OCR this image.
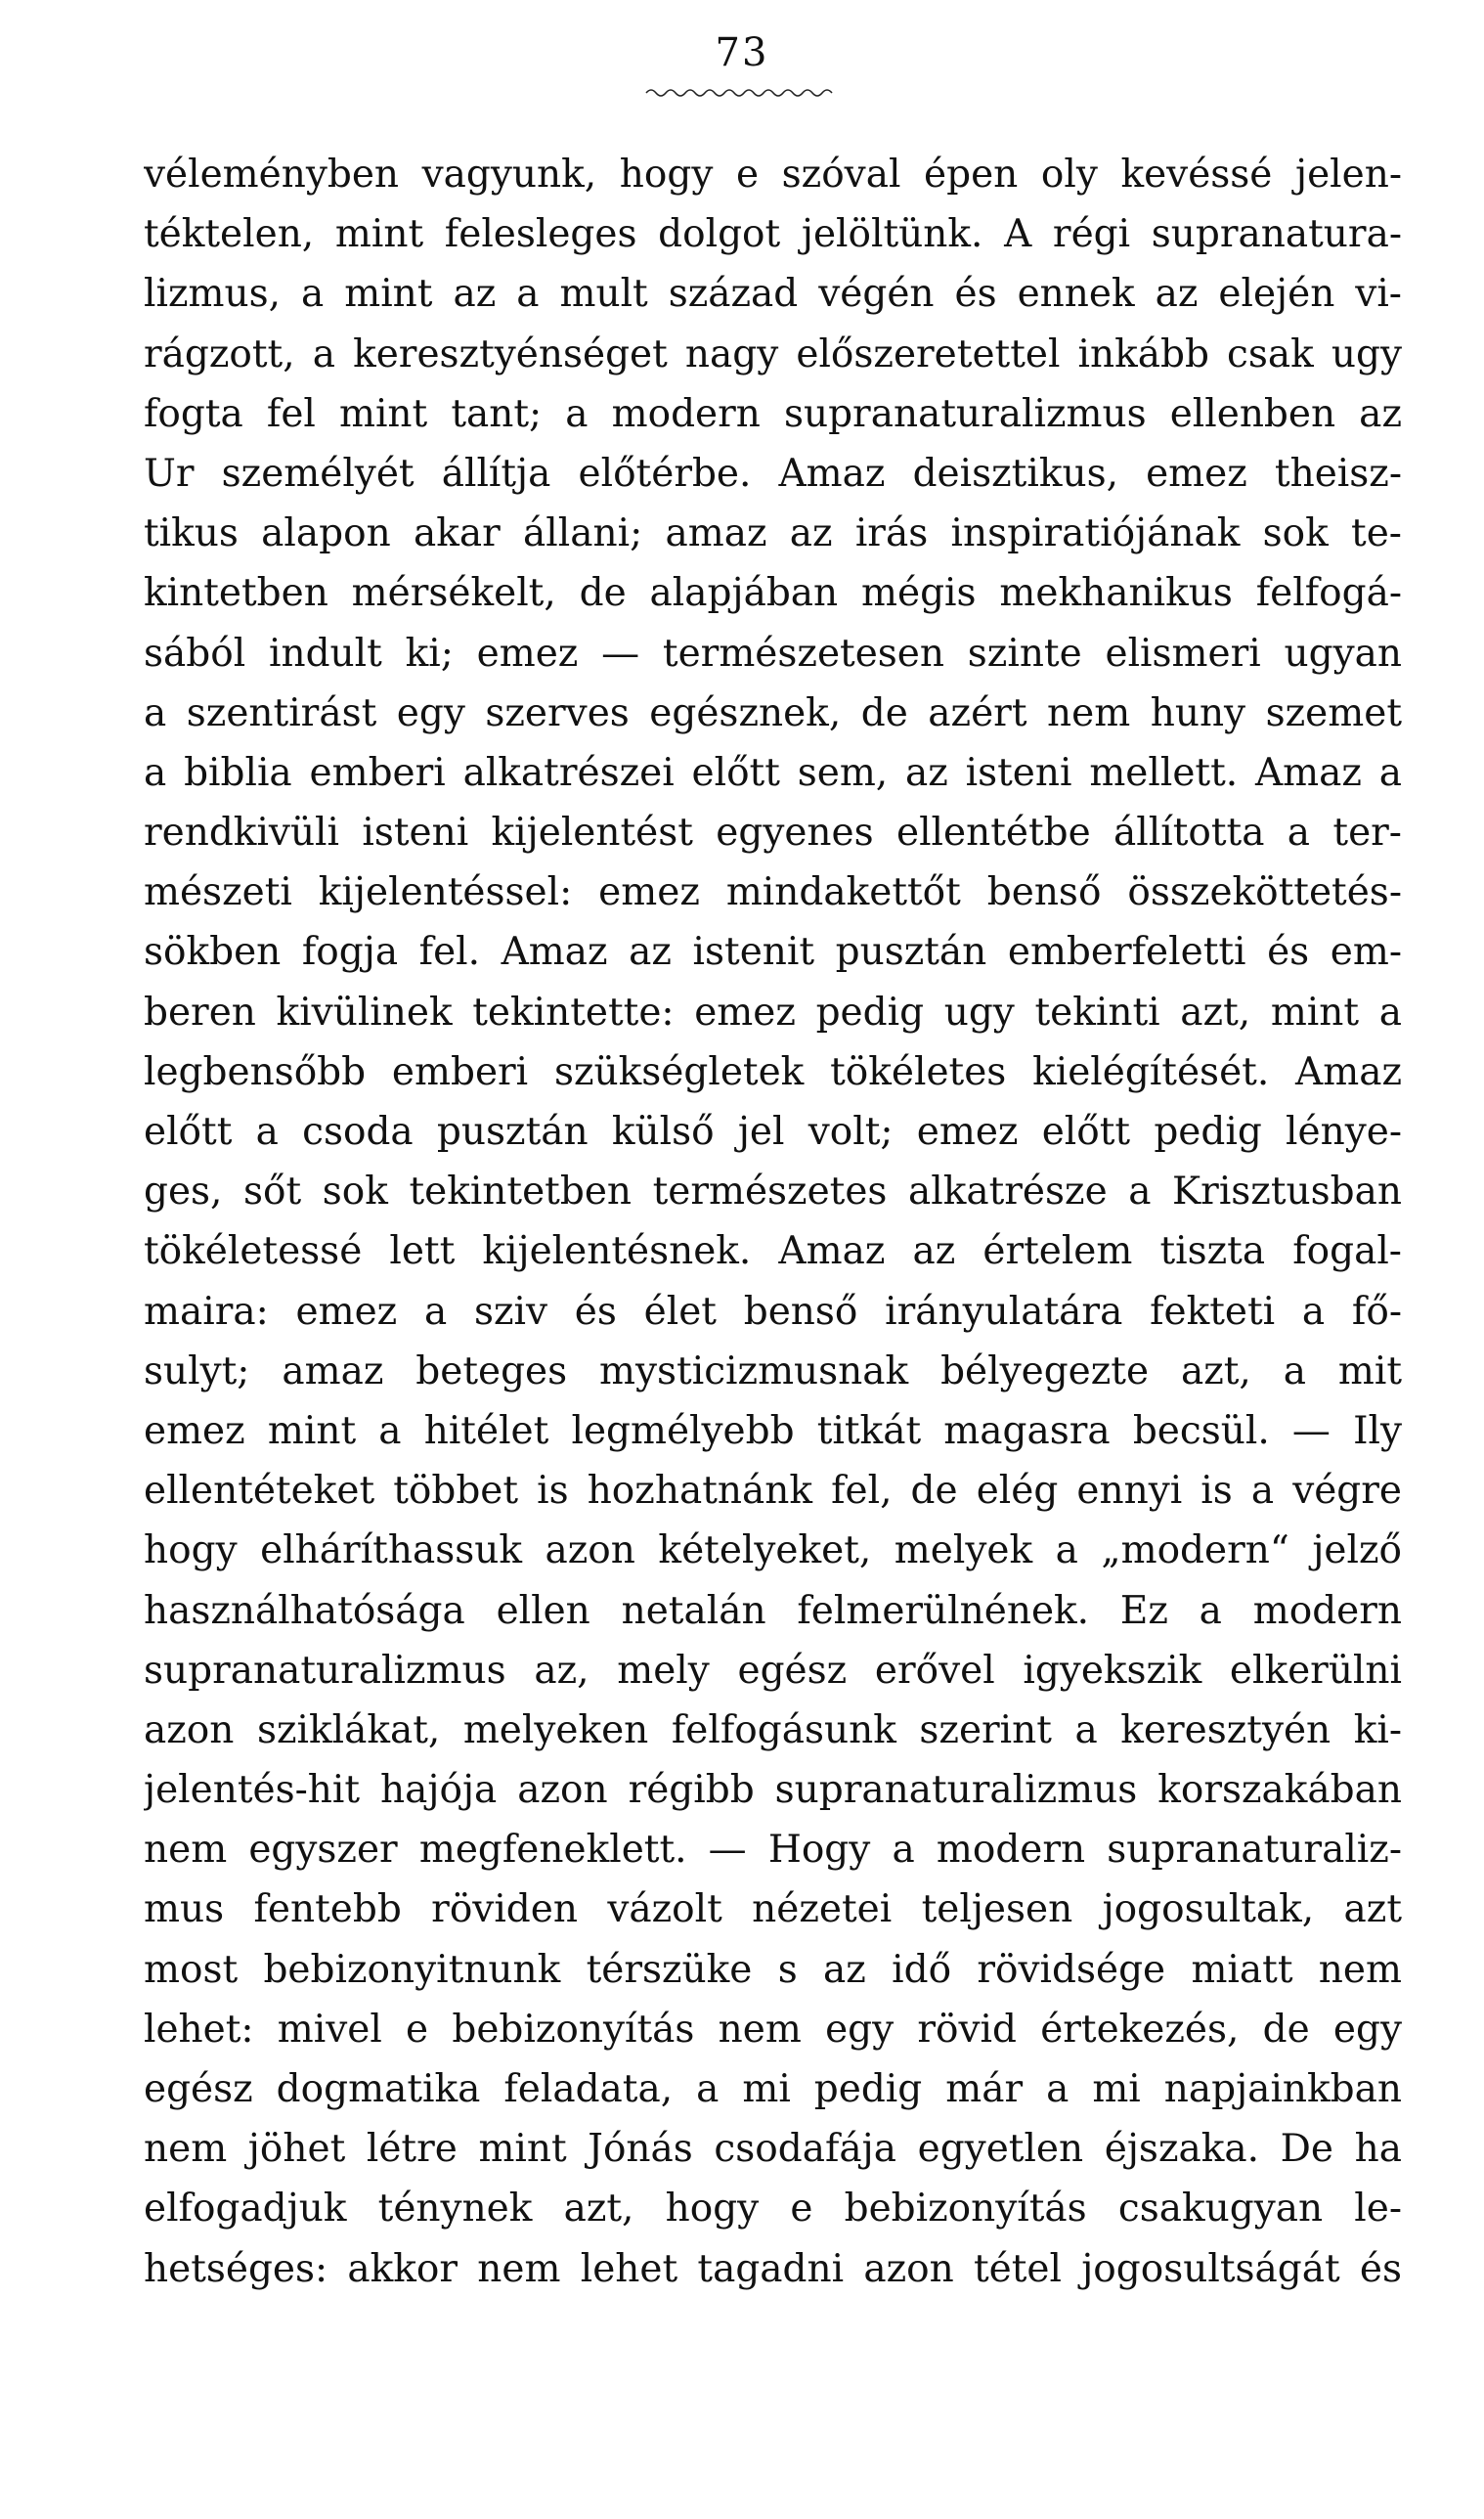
73
véleményben vagyunk, hogy e szóval épen oly kevéssé jelen-
téktelen, mint felesleges dolgot jelöltünk. A régi supranatura-
lizmus, a mint az a mult század végén és ennek az elején vi-
rágzott, a keresztyénséget nagy előszeretettel inkább csak ugy
fogta fel mint tant; a modern supranaturalizmus ellenben az
Ur személyét állítja előtérbe. Amaz deisztikus, emez theisz-
tikus alapon akar állani; amaz az irás inspiratiójának sok te-
kintetben mérsékelt, de alapjában mégis mekhanikus felfogá-
sából indult ki; emez — természetesen szinte elismeri ugyan
a szentirást egy szerves egésznek, de azért nem huny szemet
a biblia emberi alkatrészei előtt sem, az isteni mellett. Amaz a
rendkivüli isteni kijelentést egyenes ellentétbe állította a ter-
mészeti kijelentéssel: emez mindakettőt benső összeköttetés-
sökben fogja fel. Amaz az istenit pusztán emberfeletti és em-
beren kivülinek tekintette: emez pedig ugy tekinti azt, mint a
legbensőbb emberi szükségletek tökéletes kielégítését. Amaz
előtt a csoda pusztán külső jel volt; emez előtt pedig lénye-
ges, sőt sok tekintetben természetes alkatrésze a Krisztusban
tökéletessé lett kijelentésnek. Amaz az értelem tiszta fogal-
maira: emez a sziv és élet benső irányulatára fekteti a fő-
sulyt; amaz beteges mysticizmusnak bélyegezte azt, a mit
emez mint a hitélet legmélyebb titkát magasra becsül. — Ily
ellentéteket többet is hozhatnánk fel, de elég ennyi is a végre
hogy elháríthassuk azon kételyeket, melyek a „modern“ jelző
használhatósága ellen netalán felmerülnének. Ez a modern
supranaturalizmus az, mely egész erővel igyekszik elkerülni
azon sziklákat, melyeken felfogásunk szerint a keresztyén ki-
jelentés-hit hajója azon régibb supranaturalizmus korszakában
nem egyszer megfeneklett. — Hogy a modern supranaturaliz-
mus fentebb röviden vázolt nézetei teljesen jogosultak, azt
most bebizonyitnunk térszüke s az idő rövidsége miatt nem
lehet: mivel e bebizonyítás nem egy rövid értekezés, de egy
egész dogmatika feladata, a mi pedig már a mi napjainkban
nem jöhet létre mint Jónás csodafája egyetlen éjszaka. De ha
elfogadjuk ténynek azt, hogy e bebizonyítás csakugyan le-
hetséges: akkor nem lehet tagadni azon tétel jogosultságát és
